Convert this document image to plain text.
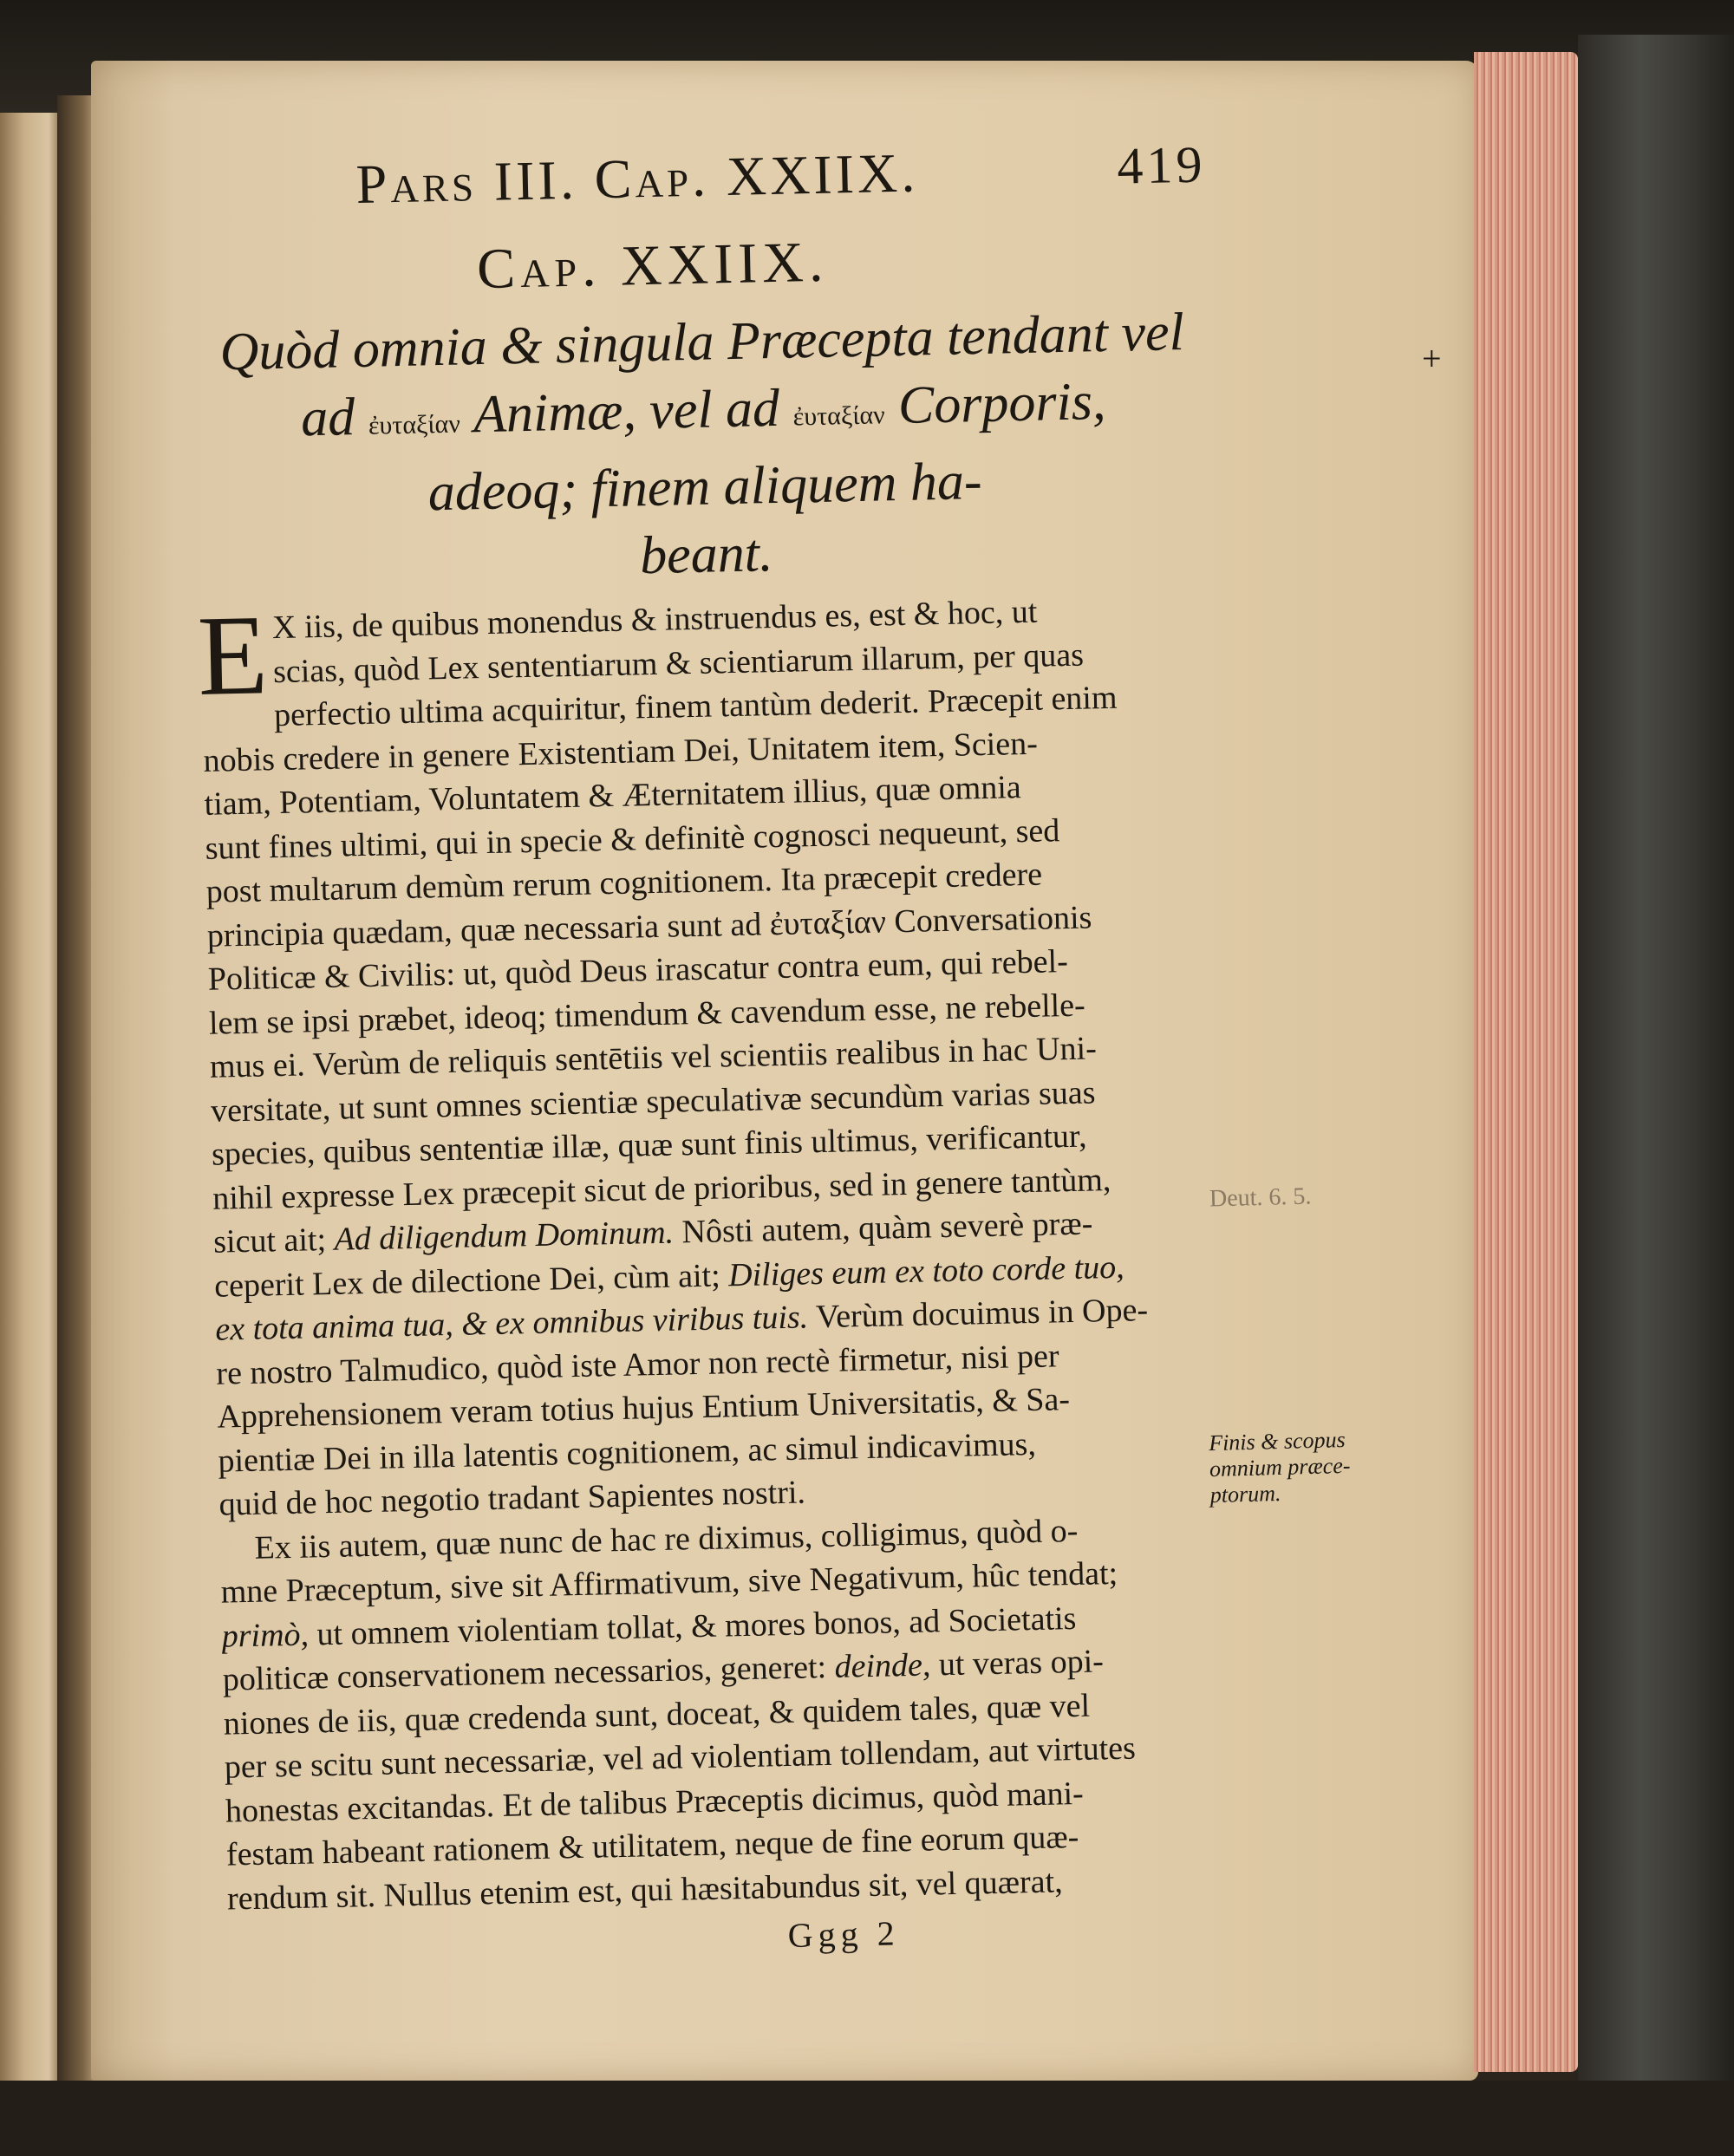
Pars III. Cap. XXIIX.	419
Cap. XXIIX.
Quòd omnia & singula Præcepta tendant vel
ad ἐυταξίαν Animæ, vel ad ἐυταξίαν Corporis,
adeoq; finem aliquem ha-
beant.
E X iis, de quibus monendus & instruendus es, est & hoc, ut
scias, quòd Lex sententiarum & scientiarum illarum, per quas
perfectio ultima acquiritur, finem tantùm dederit. Præcepit enim
nobis credere in genere Existentiam Dei, Unitatem item, Scien-
tiam, Potentiam, Voluntatem & Æternitatem illius, quæ omnia
sunt fines ultimi, qui in specie & definitè cognosci nequeunt, sed
post multarum demùm rerum cognitionem. Ita præcepit credere
principia quædam, quæ necessaria sunt ad ἐυταξίαν Conversationis
Politicæ & Civilis: ut, quòd Deus irascatur contra eum, qui rebel-
lem se ipsi præbet, ideoq; timendum & cavendum esse, ne rebelle-
mus ei. Verùm de reliquis sentētiis vel scientiis realibus in hac Uni-
versitate, ut sunt omnes scientiæ speculativæ secundùm varias suas
species, quibus sententiæ illæ, quæ sunt finis ultimus, verificantur,
nihil expresse Lex præcepit sicut de prioribus, sed in genere tantùm,
sicut ait; Ad diligendum Dominum. Nôsti autem, quàm severè præ-
ceperit Lex de dilectione Dei, cùm ait; Diliges eum ex toto corde tuo,
ex tota anima tua, & ex omnibus viribus tuis. Verùm docuimus in Ope-
re nostro Talmudico, quòd iste Amor non rectè firmetur, nisi per
Apprehensionem veram totius hujus Entium Universitatis, & Sa-
pientiæ Dei in illa latentis cognitionem, ac simul indicavimus,
quid de hoc negotio tradant Sapientes nostri.
Ex iis autem, quæ nunc de hac re diximus, colligimus, quòd o-
mne Præceptum, sive sit Affirmativum, sive Negativum, hûc tendat;
primò, ut omnem violentiam tollat, & mores bonos, ad Societatis
politicæ conservationem necessarios, generet: deinde, ut veras opi-
niones de iis, quæ credenda sunt, doceat, & quidem tales, quæ vel
per se scitu sunt necessariæ, vel ad violentiam tollendam, aut virtutes
honestas excitandas. Et de talibus Præceptis dicimus, quòd mani-
festam habeant rationem & utilitatem, neque de fine eorum quæ-
rendum sit. Nullus etenim est, qui hæsitabundus sit, vel quærat,
Ggg 2
+
Deut. 6. 5.
Finis & scopus
omnium præce-
ptorum.
